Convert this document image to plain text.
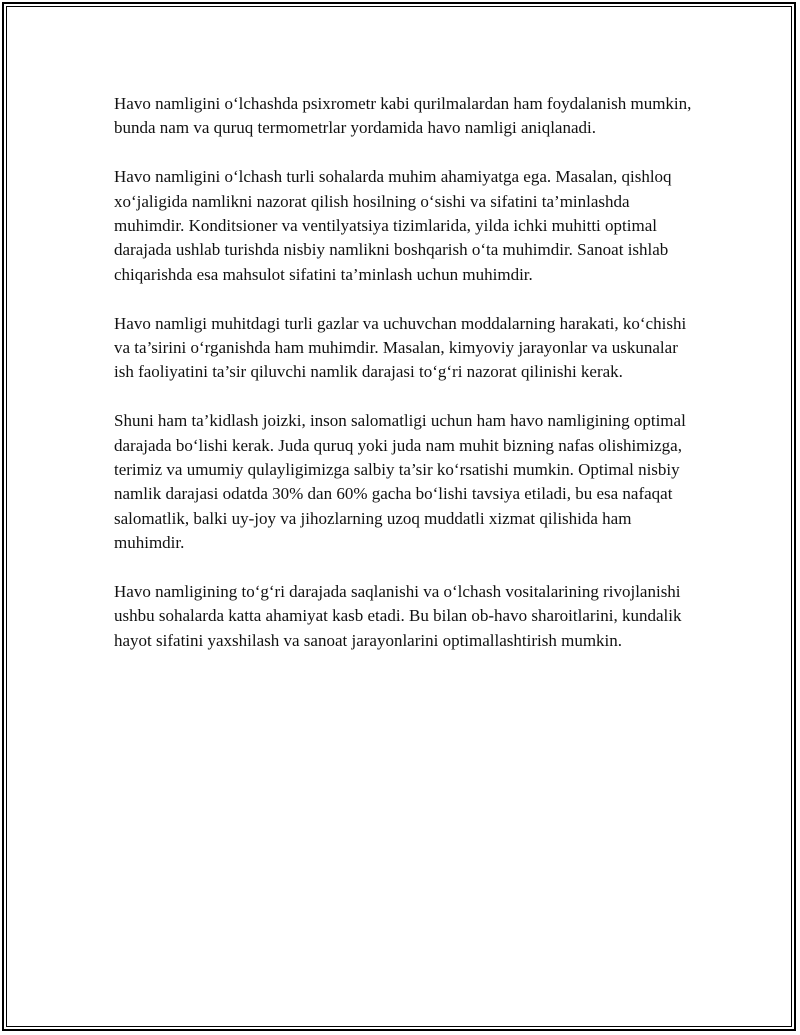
Havo namligini o‘lchashda psixrometr kabi qurilmalardan ham foydalanish mumkin, bunda nam va quruq termometrlar yordamida havo namligi aniqlanadi.

Havo namligini o‘lchash turli sohalarda muhim ahamiyatga ega. Masalan, qishloq xo‘jaligida namlikni nazorat qilish hosilning o‘sishi va sifatini ta’minlashda muhimdir. Konditsioner va ventilyatsiya tizimlarida, yilda ichki muhitti optimal darajada ushlab turishda nisbiy namlikni boshqarish o‘ta muhimdir. Sanoat ishlab chiqarishda esa mahsulot sifatini ta’minlash uchun muhimdir.

Havo namligi muhitdagi turli gazlar va uchuvchan moddalarning harakati, ko‘chishi va ta’sirini o‘rganishda ham muhimdir. Masalan, kimyoviy jarayonlar va uskunalar ish faoliyatini ta’sir qiluvchi namlik darajasi to‘g‘ri nazorat qilinishi kerak.

Shuni ham ta’kidlash joizki, inson salomatligi uchun ham havo namligining optimal darajada bo‘lishi kerak. Juda quruq yoki juda nam muhit bizning nafas olishimizga, terimiz va umumiy qulayligimizga salbiy ta’sir ko‘rsatishi mumkin. Optimal nisbiy namlik darajasi odatda 30% dan 60% gacha bo‘lishi tavsiya etiladi, bu esa nafaqat salomatlik, balki uy-joy va jihozlarning uzoq muddatli xizmat qilishida ham muhimdir.

Havo namligining to‘g‘ri darajada saqlanishi va o‘lchash vositalarining rivojlanishi ushbu sohalarda katta ahamiyat kasb etadi. Bu bilan ob-havo sharoitlarini, kundalik hayot sifatini yaxshilash va sanoat jarayonlarini optimallashtirish mumkin.
